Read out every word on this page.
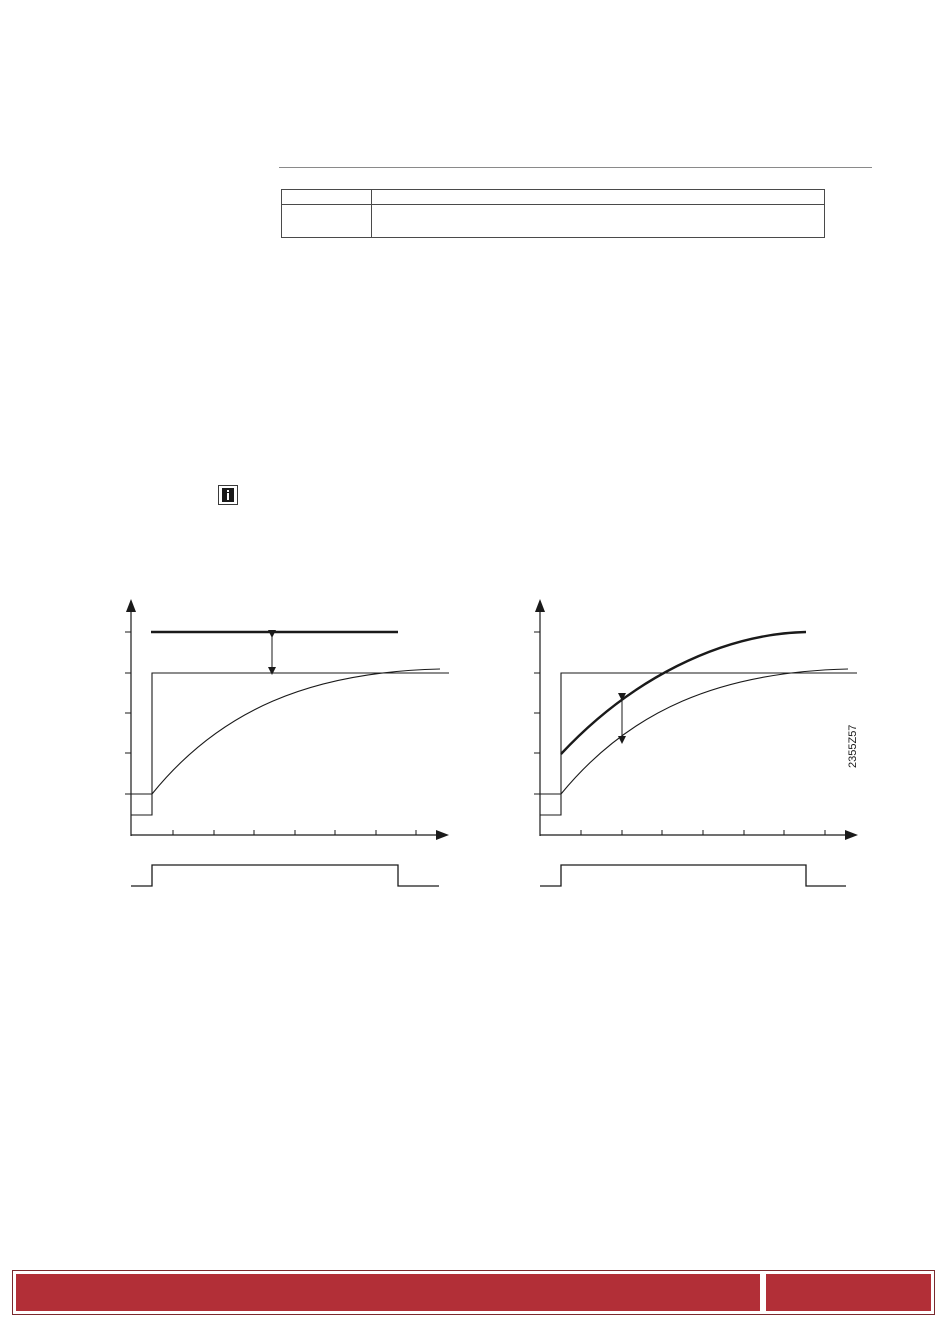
2355Z57
